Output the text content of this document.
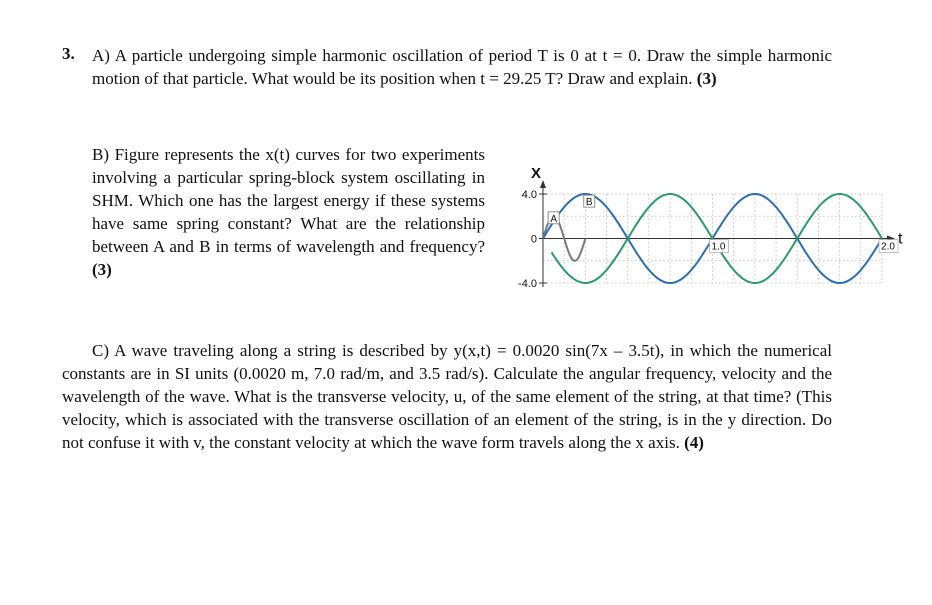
3. A) A particle undergoing simple harmonic oscillation of period T is 0 at t = 0. Draw the simple harmonic motion of that particle. What would be its position when t = 29.25 T? Draw and explain. (3)

B) Figure represents the x(t) curves for two experiments involving a particular spring-block system oscillating in SHM. Which one has the largest energy if these systems have same spring constant? What are the relationship between A and B in terms of wavelength and frequency? (3)

X
t
4.0
0
-4.0
A
B
1.0	2.0

C) A wave traveling along a string is described by y(x,t) = 0.0020 sin(7x – 3.5t), in which the numerical constants are in SI units (0.0020 m, 7.0 rad/m, and 3.5 rad/s). Calculate the angular frequency, velocity and the wavelength of the wave. What is the transverse velocity, u, of the same element of the string, at that time? (This velocity, which is associated with the transverse oscillation of an element of the string, is in the y direction. Do not confuse it with v, the constant velocity at which the wave form travels along the x axis. (4)
